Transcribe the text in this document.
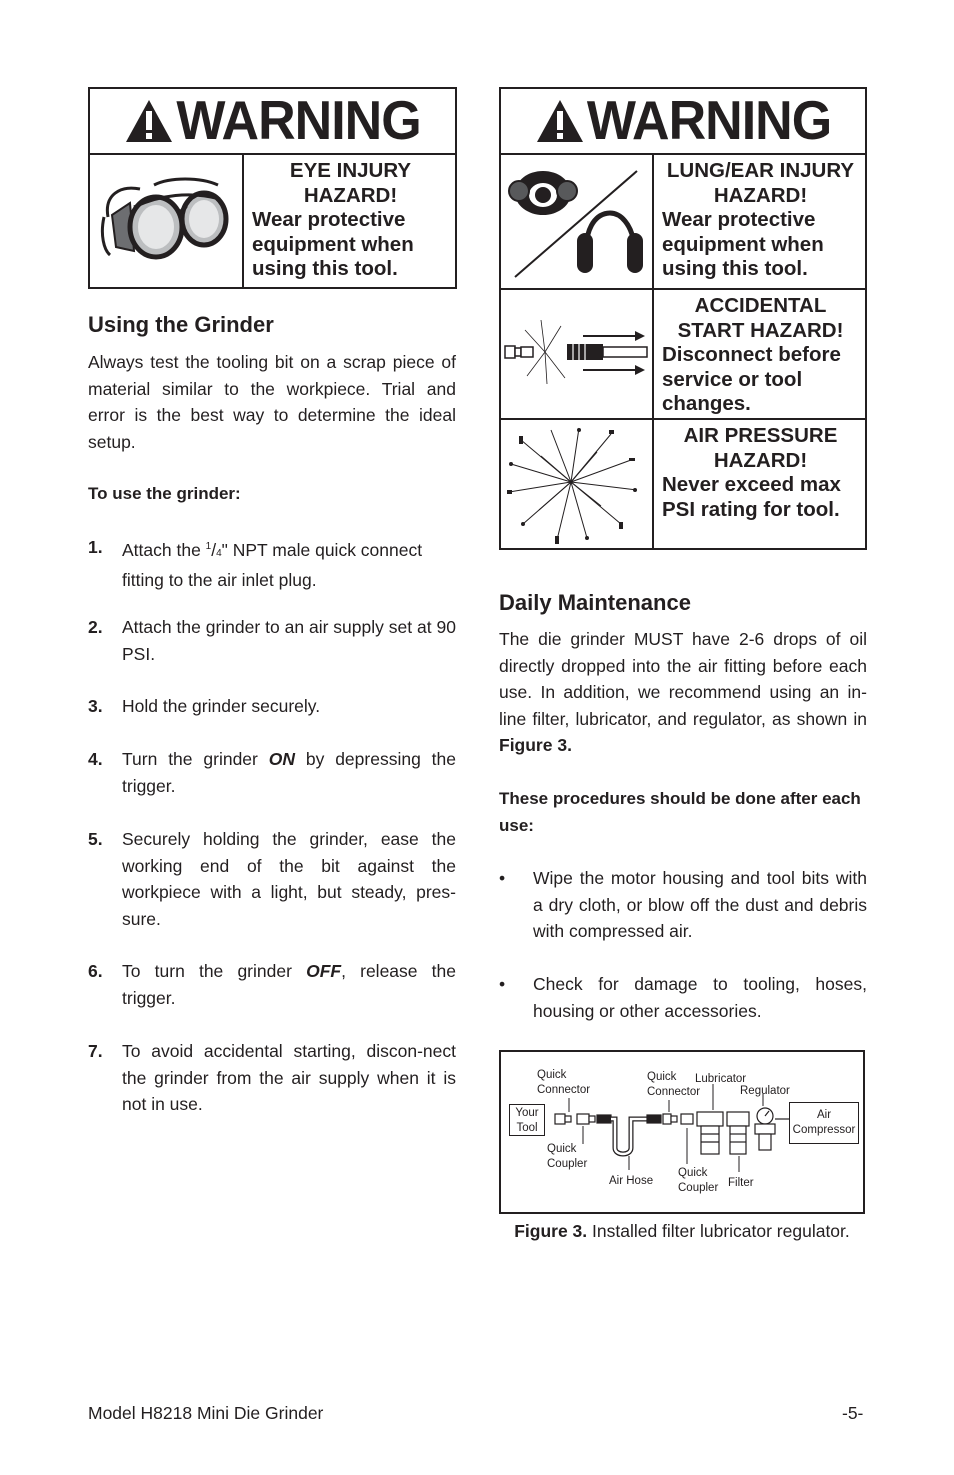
WARNING
EYE INJURY HAZARD!
Wear protective equipment when using this tool.
WARNING
LUNG/EAR INJURY HAZARD!
Wear protective equipment when using this tool.
ACCIDENTAL START HAZARD!
Disconnect before service or tool changes.
AIR PRESSURE HAZARD!
Never exceed max PSI rating for tool.
Using the Grinder

Always test the tooling bit on a scrap piece of material similar to the workpiece. Trial and error is the best way to determine the ideal setup.

To use the grinder:
1. Attach the $^1$/4" NPT male quick connect fitting to the air inlet plug.
2. Attach the grinder to an air supply set at 90 PSI.
3. Hold the grinder securely.
4. Turn the grinder ON by depressing the trigger.
5. Securely holding the grinder, ease the working end of the bit against the workpiece with a light, but steady, pres-sure.
6. To turn the grinder OFF, release the trigger.
7. To avoid accidental starting, discon-nect the grinder from the air supply when it is not in use.
Daily Maintenance

The die grinder MUST have 2-6 drops of oil directly dropped into the air fitting before each use. In addition, we recommend using an in-line filter, lubricator, and regulator, as shown in Figure 3.

These procedures should be done after each use:
• Wipe the motor housing and tool bits with a dry cloth, or blow off the dust and debris with compressed air.
• Check for damage to tooling, hoses, housing or other accessories.
Your Tool
Air Compressor
Quick Connector
Quick Coupler
Air Hose
Quick Connector
Quick Coupler
Lubricator
Regulator
Filter
Figure 3. Installed filter lubricator regulator.
Model H8218 Mini Die Grinder	-5-
